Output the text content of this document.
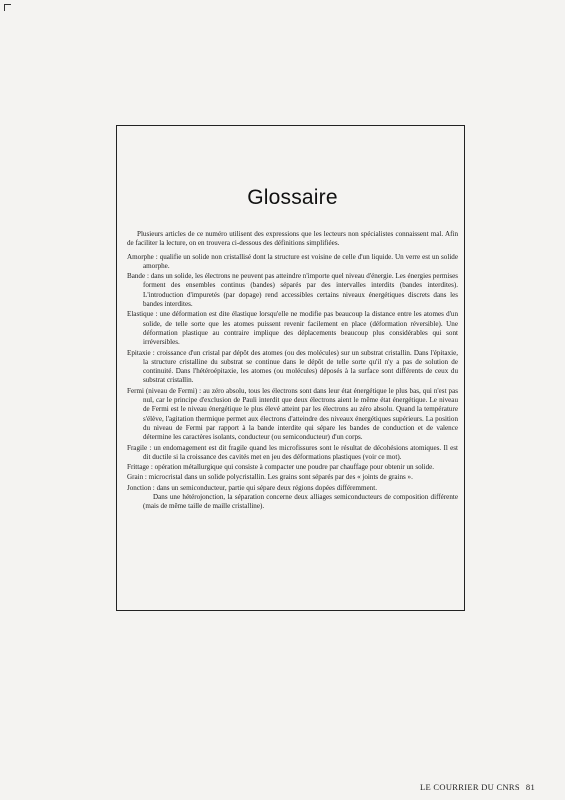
Glossaire

Plusieurs articles de ce numéro utilisent des expressions que les lecteurs non spécialistes connaissent mal. Afin de faciliter la lecture, on en trouvera ci-dessous des définitions simplifiées.

Amorphe : qualifie un solide non cristallisé dont la structure est voisine de celle d'un liquide. Un verre est un solide amorphe.

Bande : dans un solide, les électrons ne peuvent pas atteindre n'importe quel niveau d'énergie. Les énergies permises forment des ensembles continus (bandes) séparés par des intervalles interdits (bandes interdites). L'introduction d'impuretés (par dopage) rend accessibles certains niveaux énergétiques discrets dans les bandes interdites.

Elastique : une déformation est dite élastique lorsqu'elle ne modifie pas beaucoup la distance entre les atomes d'un solide, de telle sorte que les atomes puissent revenir facilement en place (déformation réversible). Une déformation plastique au contraire implique des déplacements beaucoup plus considérables qui sont irréversibles.

Epitaxie : croissance d'un cristal par dépôt des atomes (ou des molécules) sur un substrat cristallin. Dans l'épitaxie, la structure cristalline du substrat se continue dans le dépôt de telle sorte qu'il n'y a pas de solution de continuité. Dans l'hétéroépitaxie, les atomes (ou molécules) déposés à la surface sont différents de ceux du substrat cristallin.

Fermi (niveau de Fermi) : au zéro absolu, tous les électrons sont dans leur état énergétique le plus bas, qui n'est pas nul, car le principe d'exclusion de Pauli interdit que deux électrons aient le même état énergétique. Le niveau de Fermi est le niveau énergétique le plus élevé atteint par les électrons au zéro absolu. Quand la température s'élève, l'agitation thermique permet aux électrons d'atteindre des niveaux énergétiques supérieurs. La position du niveau de Fermi par rapport à la bande interdite qui sépare les bandes de conduction et de valence détermine les caractères isolants, conducteur (ou semiconducteur) d'un corps.

Fragile : un endomagement est dit fragile quand les microfissures sont le résultat de décohésions atomiques. Il est dit ductile si la croissance des cavités met en jeu des déformations plastiques (voir ce mot).

Frittage : opération métallurgique qui consiste à compacter une poudre par chauffage pour obtenir un solide.

Grain : microcristal dans un solide polycristallin. Les grains sont séparés par des « joints de grains ».

Jonction : dans un semiconducteur, partie qui sépare deux régions dopées différemment.
Dans une hétérojonction, la séparation concerne deux alliages semiconducteurs de composition différente (mais de même taille de maille cristalline).

LE COURRIER DU CNRS 81
